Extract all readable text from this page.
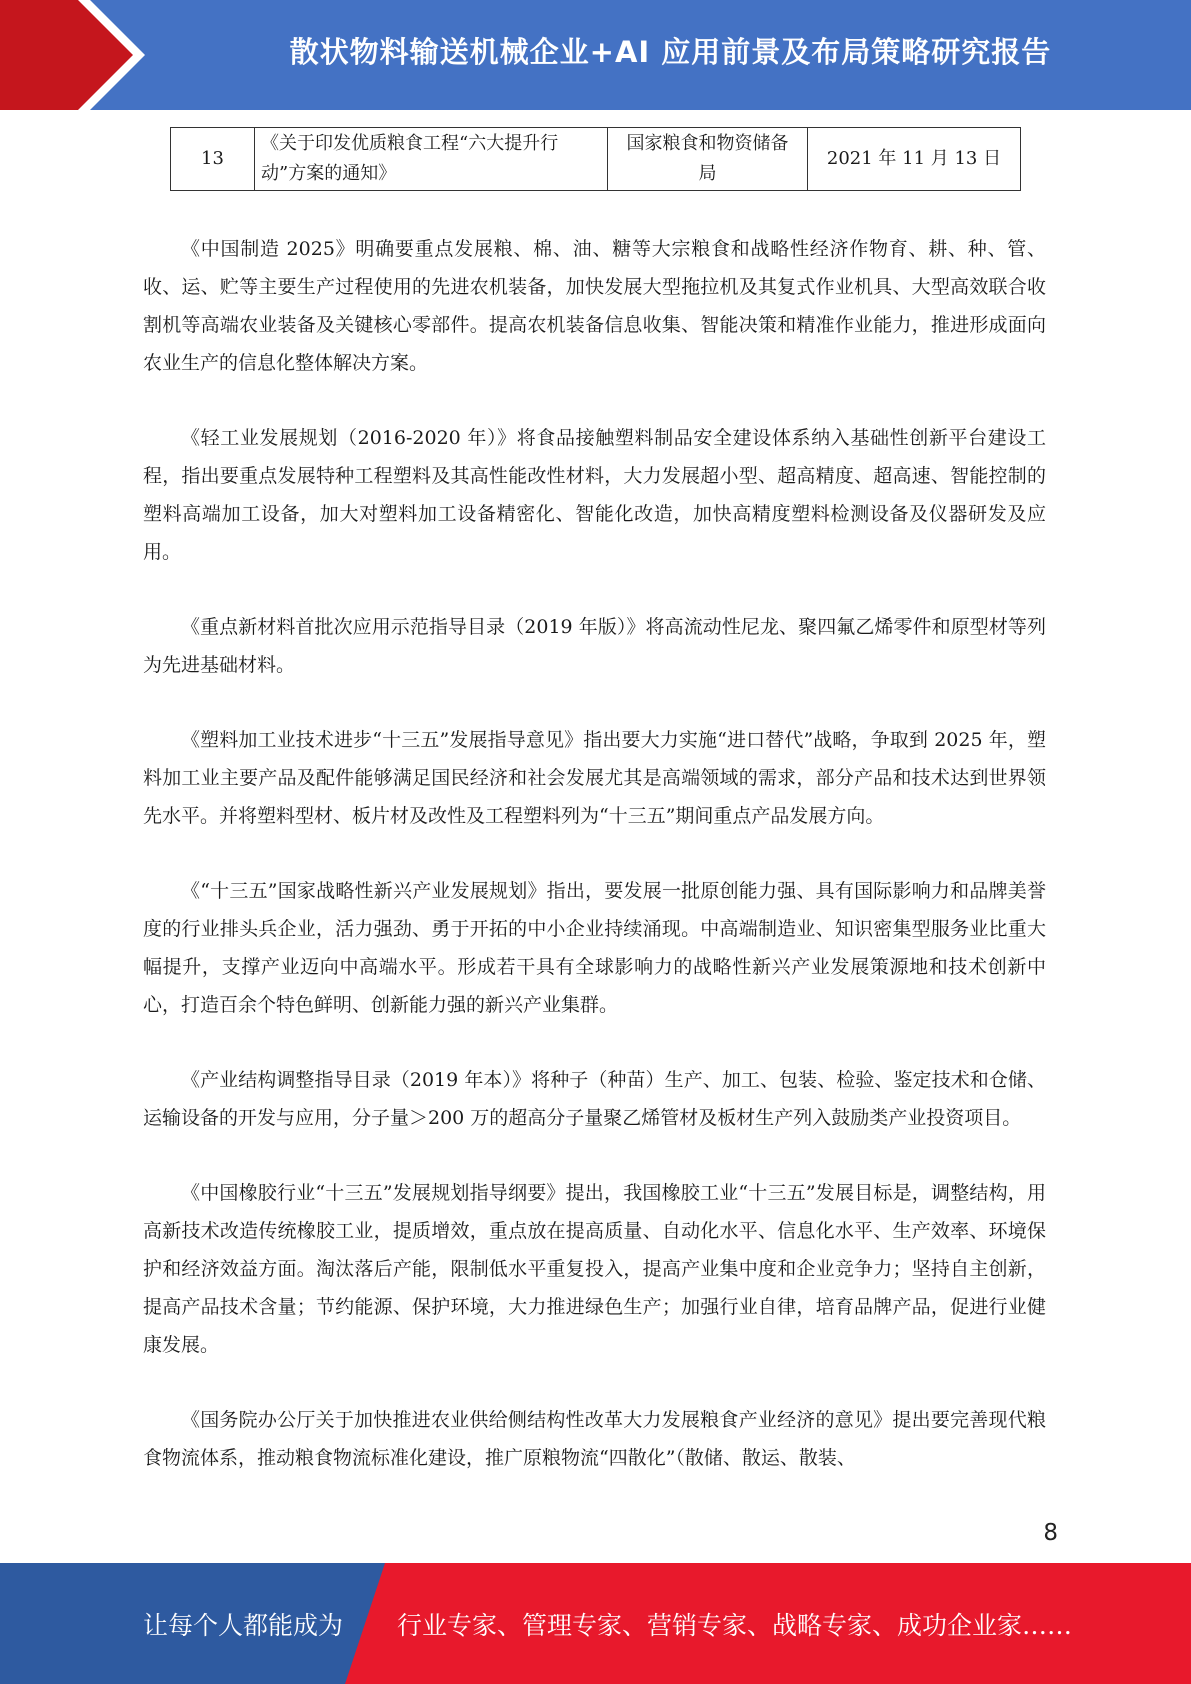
散状物料输送机械企业+AI 应用前景及布局策略研究报告
13	《关于印发优质粮食工程“六大提升行动”方案的通知》	国家粮食和物资储备局	2021 年 11 月 13 日

《中国制造 2025》明确要重点发展粮、棉、油、糖等大宗粮食和战略性经济作物育、耕、种、管、收、运、贮等主要生产过程使用的先进农机装备，加快发展大型拖拉机及其复式作业机具、大型高效联合收割机等高端农业装备及关键核心零部件。提高农机装备信息收集、智能决策和精准作业能力，推进形成面向农业生产的信息化整体解决方案。

《轻工业发展规划（2016-2020 年）》将食品接触塑料制品安全建设体系纳入基础性创新平台建设工程，指出要重点发展特种工程塑料及其高性能改性材料，大力发展超小型、超高精度、超高速、智能控制的塑料高端加工设备，加大对塑料加工设备精密化、智能化改造，加快高精度塑料检测设备及仪器研发及应用。

《重点新材料首批次应用示范指导目录（2019 年版）》将高流动性尼龙、聚四氟乙烯零件和原型材等列为先进基础材料。

《塑料加工业技术进步“十三五”发展指导意见》指出要大力实施“进口替代”战略，争取到 2025 年，塑料加工业主要产品及配件能够满足国民经济和社会发展尤其是高端领域的需求，部分产品和技术达到世界领先水平。并将塑料型材、板片材及改性及工程塑料列为“十三五”期间重点产品发展方向。

《“十三五”国家战略性新兴产业发展规划》指出，要发展一批原创能力强、具有国际影响力和品牌美誉度的行业排头兵企业，活力强劲、勇于开拓的中小企业持续涌现。中高端制造业、知识密集型服务业比重大幅提升，支撑产业迈向中高端水平。形成若干具有全球影响力的战略性新兴产业发展策源地和技术创新中心，打造百余个特色鲜明、创新能力强的新兴产业集群。

《产业结构调整指导目录（2019 年本）》将种子（种苗）生产、加工、包装、检验、鉴定技术和仓储、运输设备的开发与应用，分子量＞200 万的超高分子量聚乙烯管材及板材生产列入鼓励类产业投资项目。

《中国橡胶行业“十三五”发展规划指导纲要》提出，我国橡胶工业“十三五”发展目标是，调整结构，用高新技术改造传统橡胶工业，提质增效，重点放在提高质量、自动化水平、信息化水平、生产效率、环境保护和经济效益方面。淘汰落后产能，限制低水平重复投入，提高产业集中度和企业竞争力；坚持自主创新，提高产品技术含量；节约能源、保护环境，大力推进绿色生产；加强行业自律，培育品牌产品，促进行业健康发展。

《国务院办公厅关于加快推进农业供给侧结构性改革大力发展粮食产业经济的意见》提出要完善现代粮食物流体系，推动粮食物流标准化建设，推广原粮物流“四散化”（散储、散运、散装、

8
让每个人都能成为 行业专家、管理专家、营销专家、战略专家、成功企业家……
